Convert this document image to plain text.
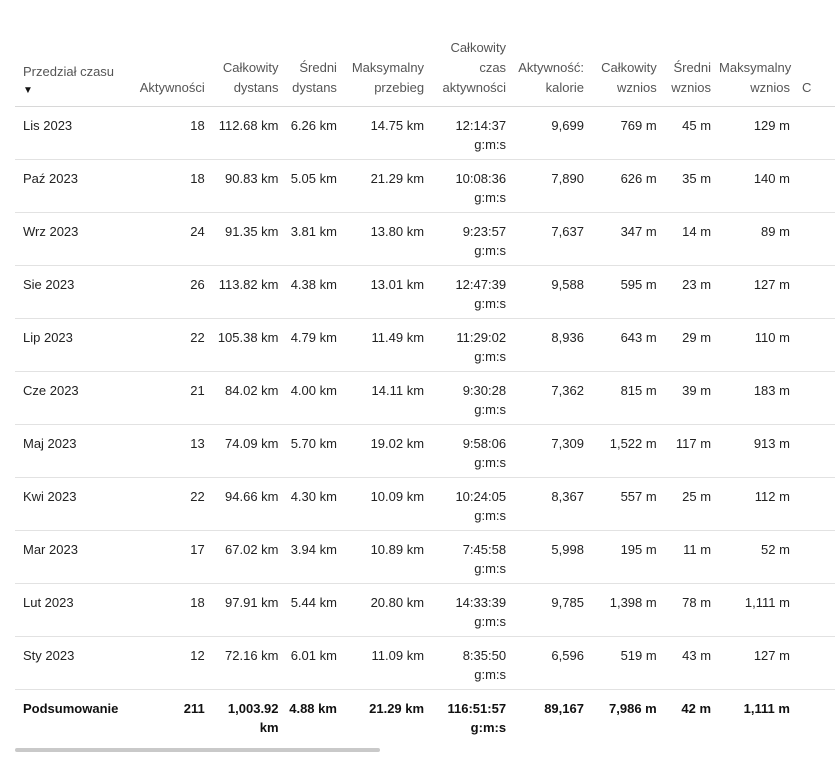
Przedział czasu
▼	Aktywności	Całkowity dystans	Średni dystans	Maksymalny przebieg	Całkowity czas aktywności	Aktywność: kalorie	Całkowity wznios	Średni wznios	Maksymalny wznios	C
Lis 2023	18	112.68 km	6.26 km	14.75 km	12:14:37 g:m:s	9,699	769 m	45 m	129 m	
Paź 2023	18	90.83 km	5.05 km	21.29 km	10:08:36 g:m:s	7,890	626 m	35 m	140 m	
Wrz 2023	24	91.35 km	3.81 km	13.80 km	9:23:57 g:m:s	7,637	347 m	14 m	89 m	
Sie 2023	26	113.82 km	4.38 km	13.01 km	12:47:39 g:m:s	9,588	595 m	23 m	127 m	
Lip 2023	22	105.38 km	4.79 km	11.49 km	11:29:02 g:m:s	8,936	643 m	29 m	110 m	
Cze 2023	21	84.02 km	4.00 km	14.11 km	9:30:28 g:m:s	7,362	815 m	39 m	183 m	
Maj 2023	13	74.09 km	5.70 km	19.02 km	9:58:06 g:m:s	7,309	1,522 m	117 m	913 m	
Kwi 2023	22	94.66 km	4.30 km	10.09 km	10:24:05 g:m:s	8,367	557 m	25 m	112 m	
Mar 2023	17	67.02 km	3.94 km	10.89 km	7:45:58 g:m:s	5,998	195 m	11 m	52 m	
Lut 2023	18	97.91 km	5.44 km	20.80 km	14:33:39 g:m:s	9,785	1,398 m	78 m	1,111 m	
Sty 2023	12	72.16 km	6.01 km	11.09 km	8:35:50 g:m:s	6,596	519 m	43 m	127 m	
Podsumowanie	211	1,003.92 km	4.88 km	21.29 km	116:51:57 g:m:s	89,167	7,986 m	42 m	1,111 m	
